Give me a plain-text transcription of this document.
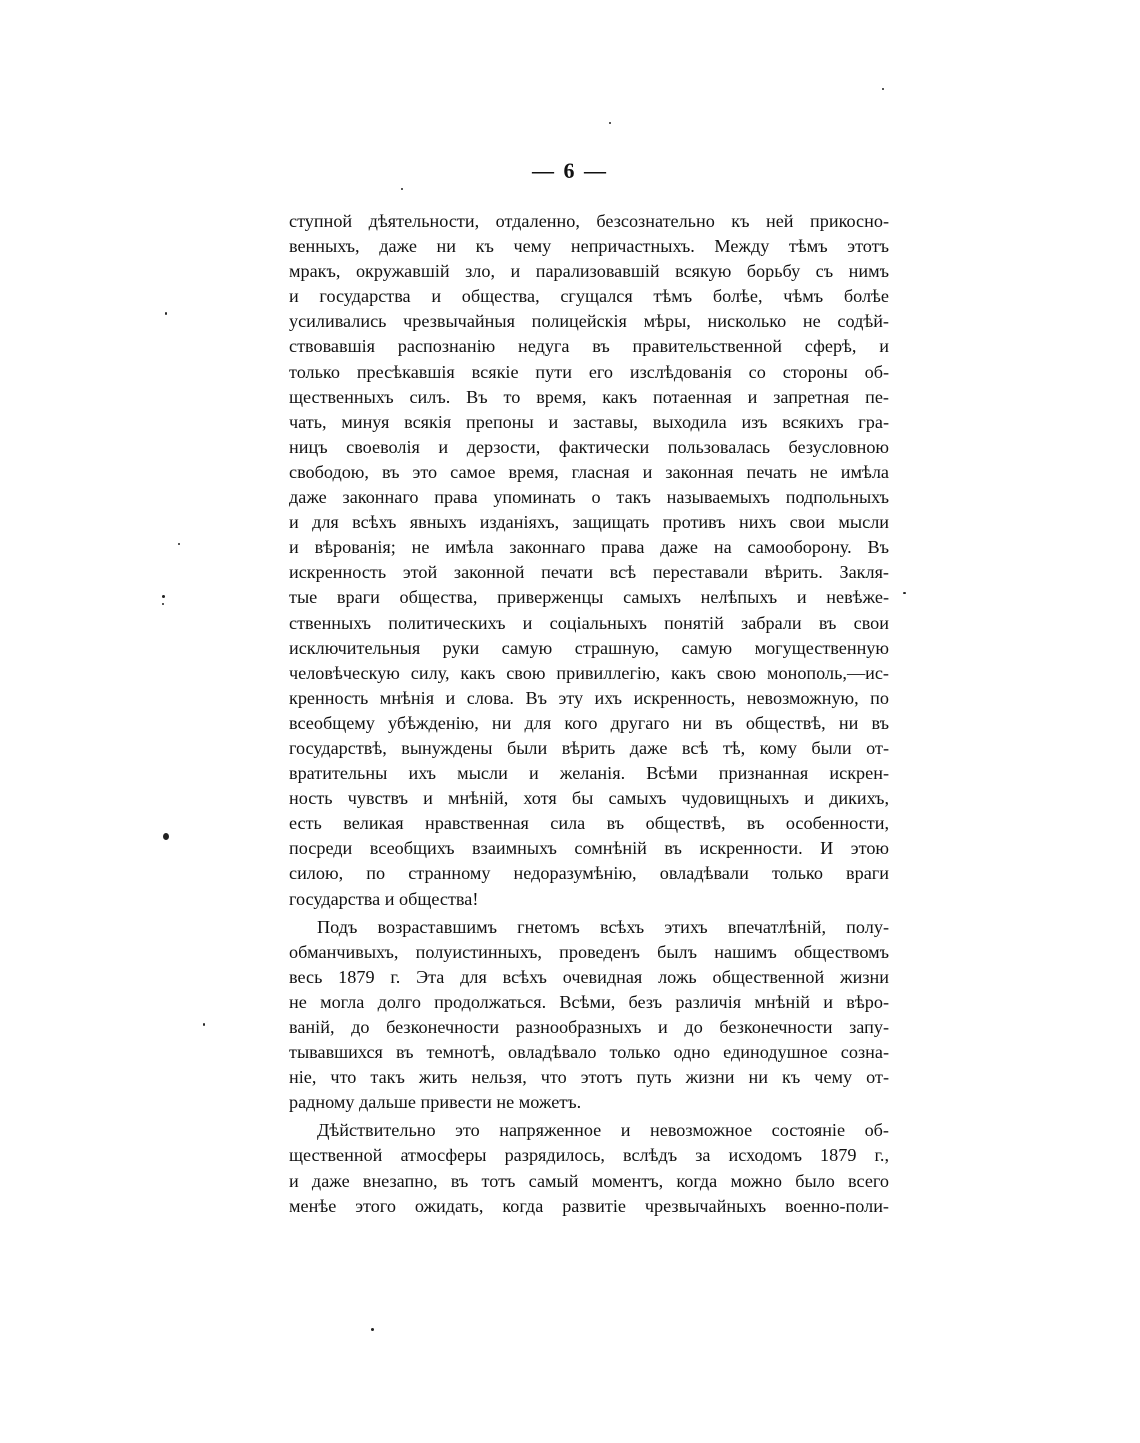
— 6 —
ступной дѣятельности, отдаленно, безсознательно къ ней прикосно-
венныхъ, даже ни къ чему непричастныхъ. Между тѣмъ этотъ
мракъ, окружавшій зло, и парализовавшій всякую борьбу съ нимъ
и государства и общества, сгущался тѣмъ болѣе, чѣмъ болѣе
усиливались чрезвычайныя полицейскія мѣры, нисколько не содѣй-
ствовавшія распознанію недуга въ правительственной сферѣ, и
только пресѣкавшія всякіе пути его изслѣдованія со стороны об-
щественныхъ силъ. Въ то время, какъ потаенная и запретная пе-
чать, минуя всякія препоны и заставы, выходила изъ всякихъ гра-
ницъ своеволія и дерзости, фактически пользовалась безусловною
свободою, въ это самое время, гласная и законная печать не имѣла
даже законнаго права упоминать о такъ называемыхъ подпольныхъ
и для всѣхъ явныхъ изданіяхъ, защищать противъ нихъ свои мысли
и вѣрованія; не имѣла законнаго права даже на самооборону. Въ
искренность этой законной печати всѣ переставали вѣрить. Закля-
тые враги общества, приверженцы самыхъ нелѣпыхъ и невѣже-
ственныхъ политическихъ и соціальныхъ понятій забрали въ свои
исключительныя руки самую страшную, самую могущественную
человѣческую силу, какъ свою привиллегію, какъ свою монополь,—ис-
кренность мнѣнія и слова. Въ эту ихъ искренность, невозможную, по
всеобщему убѣжденію, ни для кого другаго ни въ обществѣ, ни въ
государствѣ, вынуждены были вѣрить даже всѣ тѣ, кому были от-
вратительны ихъ мысли и желанія. Всѣми признанная искрен-
ность чувствъ и мнѣній, хотя бы самыхъ чудовищныхъ и дикихъ,
есть великая нравственная сила въ обществѣ, въ особенности,
посреди всеобщихъ взаимныхъ сомнѣній въ искренности. И этою
силою, по странному недоразумѣнію, овладѣвали только враги
государства и общества!
Подъ возраставшимъ гнетомъ всѣхъ этихъ впечатлѣній, полу-
обманчивыхъ, полуистинныхъ, проведенъ былъ нашимъ обществомъ
весь 1879 г. Эта для всѣхъ очевидная ложь общественной жизни
не могла долго продолжаться. Всѣми, безъ различія мнѣній и вѣро-
ваній, до безконечности разнообразныхъ и до безконечности запу-
тывавшихся въ темнотѣ, овладѣвало только одно единодушное созна-
ніе, что такъ жить нельзя, что этотъ путь жизни ни къ чему от-
радному дальше привести не можетъ.
Дѣйствительно это напряженное и невозможное состояніе об-
щественной атмосферы разрядилось, вслѣдъ за исходомъ 1879 г.,
и даже внезапно, въ тотъ самый моментъ, когда можно было всего
менѣе этого ожидать, когда развитіе чрезвычайныхъ военно-поли-
